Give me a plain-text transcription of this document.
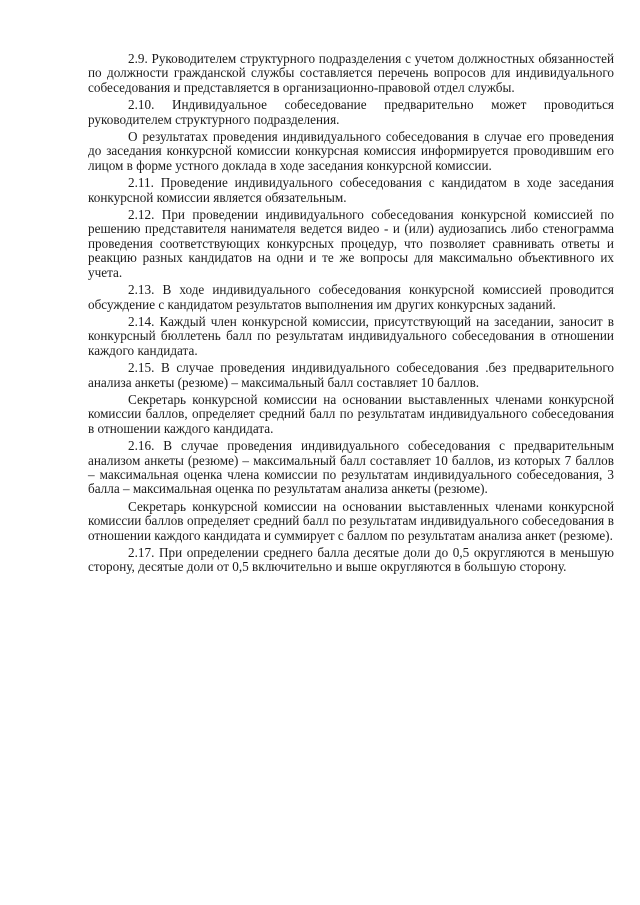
2.9. Руководителем структурного подразделения с учетом должностных обязанностей по должности гражданской службы составляется перечень вопросов для индивидуального собеседования и представляется в организационно-правовой отдел службы.

2.10. Индивидуальное собеседование предварительно может проводиться руководителем структурного подразделения.

О результатах проведения индивидуального собеседования в случае его проведения до заседания конкурсной комиссии конкурсная комиссия информируется проводившим его лицом в форме устного доклада в ходе заседания конкурсной комиссии.

2.11. Проведение индивидуального собеседования с кандидатом в ходе заседания конкурсной комиссии является обязательным.

2.12. При проведении индивидуального собеседования конкурсной комиссией по решению представителя нанимателя ведется видео - и (или) аудиозапись либо стенограмма проведения соответствующих конкурсных процедур, что позволяет сравнивать ответы и реакцию разных кандидатов на одни и те же вопросы для максимально объективного их учета.

2.13. В ходе индивидуального собеседования конкурсной комиссией проводится обсуждение с кандидатом результатов выполнения им других конкурсных заданий.

2.14. Каждый член конкурсной комиссии, присутствующий на заседании, заносит в конкурсный бюллетень балл по результатам индивидуального собеседования в отношении каждого кандидата.

2.15. В случае проведения индивидуального собеседования .без предварительного анализа анкеты (резюме) – максимальный балл составляет 10 баллов.

Секретарь конкурсной комиссии на основании выставленных членами конкурсной комиссии баллов, определяет средний балл по результатам индивидуального собеседования в отношении каждого кандидата.

2.16. В случае проведения индивидуального собеседования с предварительным анализом анкеты (резюме) – максимальный балл составляет 10 баллов, из которых 7 баллов – максимальная оценка члена комиссии по результатам индивидуального собеседования, 3 балла – максимальная оценка по результатам анализа анкеты (резюме).

Секретарь конкурсной комиссии на основании выставленных членами конкурсной комиссии баллов определяет средний балл по результатам индивидуального собеседования в отношении каждого кандидата и суммирует с баллом по результатам анализа анкет (резюме).

2.17. При определении среднего балла десятые доли до 0,5 округляются в меньшую сторону, десятые доли от 0,5 включительно и выше округляются в большую сторону.
